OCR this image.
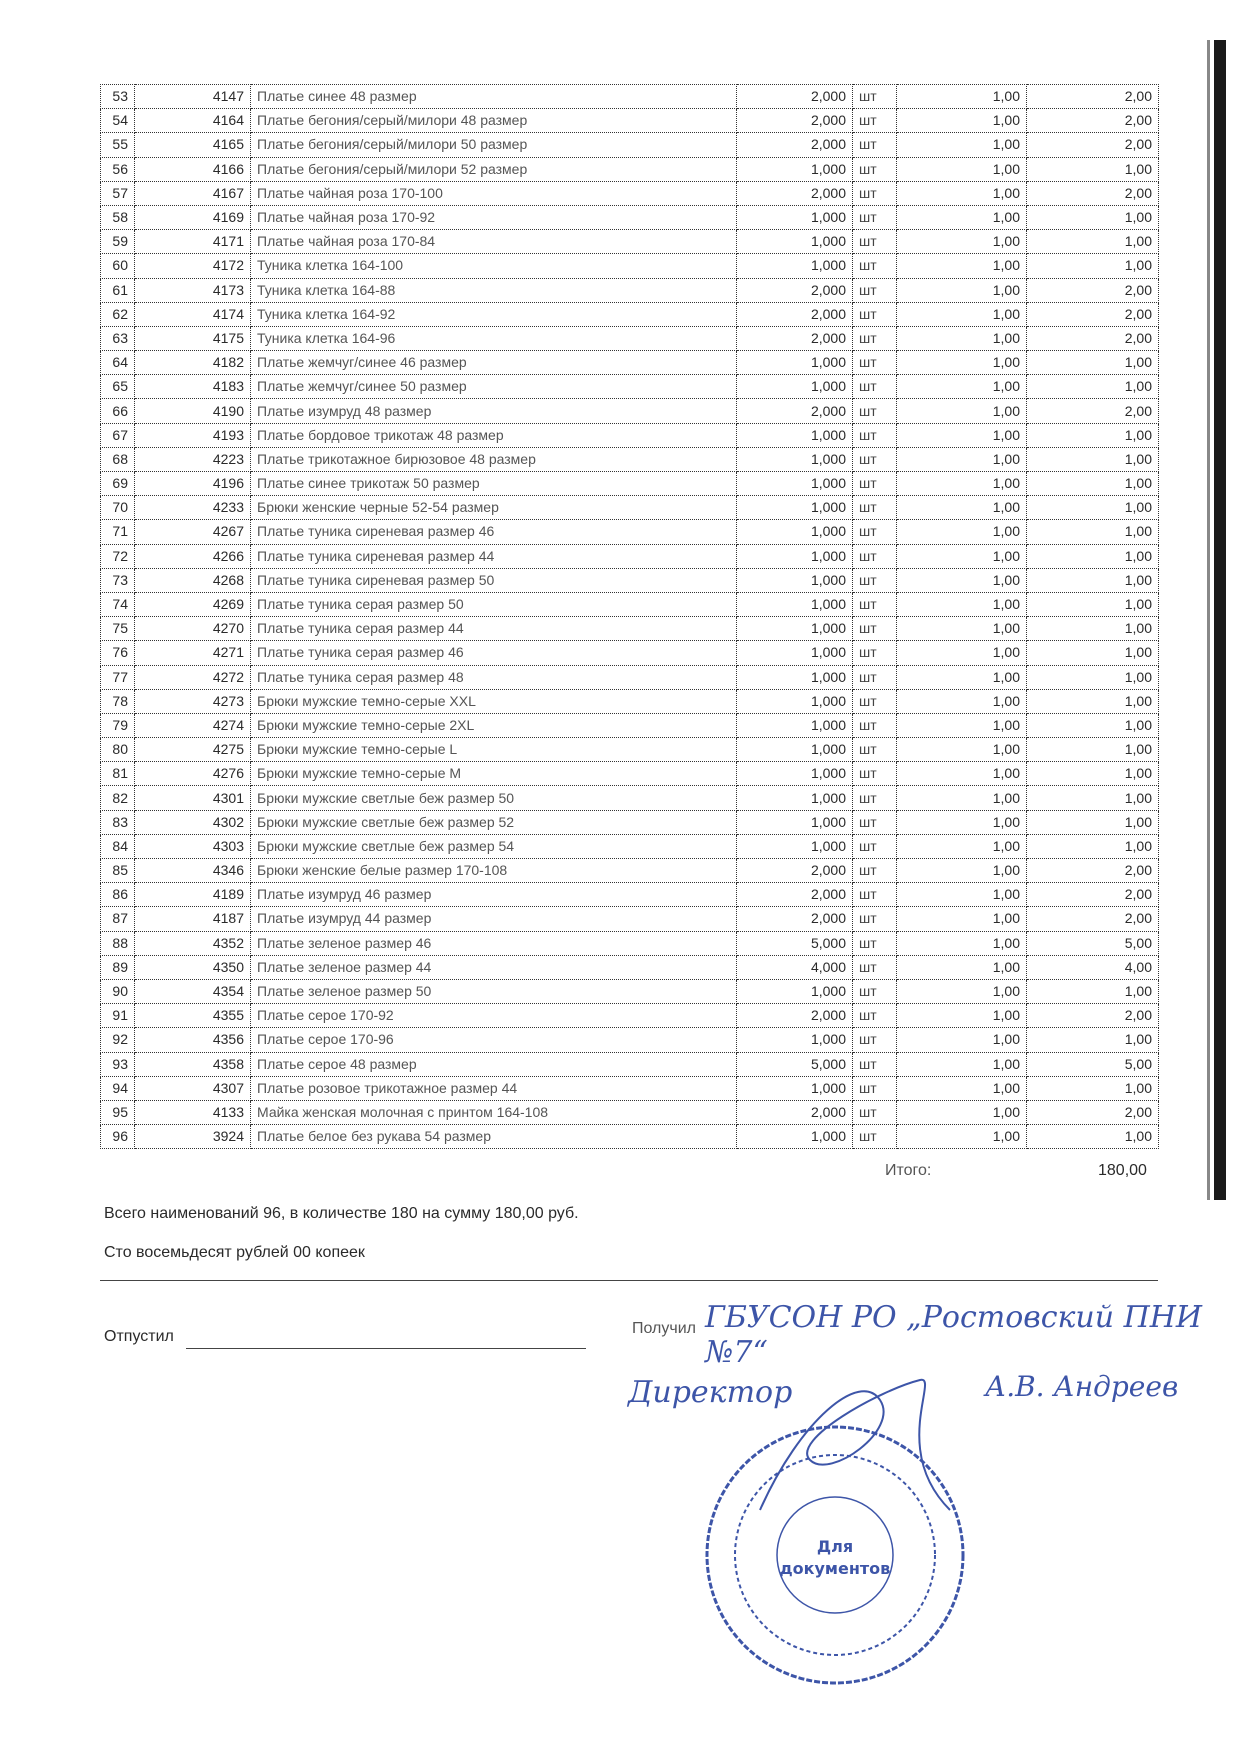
53	4147	Платье синее 48 размер	2,000	шт	1,00	2,00
54	4164	Платье бегония/серый/милори 48 размер	2,000	шт	1,00	2,00
55	4165	Платье бегония/серый/милори 50 размер	2,000	шт	1,00	2,00
56	4166	Платье бегония/серый/милори 52 размер	1,000	шт	1,00	1,00
57	4167	Платье чайная роза 170-100	2,000	шт	1,00	2,00
58	4169	Платье чайная роза 170-92	1,000	шт	1,00	1,00
59	4171	Платье чайная роза 170-84	1,000	шт	1,00	1,00
60	4172	Туника клетка 164-100	1,000	шт	1,00	1,00
61	4173	Туника клетка 164-88	2,000	шт	1,00	2,00
62	4174	Туника клетка 164-92	2,000	шт	1,00	2,00
63	4175	Туника клетка 164-96	2,000	шт	1,00	2,00
64	4182	Платье жемчуг/синее 46 размер	1,000	шт	1,00	1,00
65	4183	Платье жемчуг/синее 50 размер	1,000	шт	1,00	1,00
66	4190	Платье изумруд 48 размер	2,000	шт	1,00	2,00
67	4193	Платье бордовое трикотаж 48 размер	1,000	шт	1,00	1,00
68	4223	Платье трикотажное бирюзовое 48 размер	1,000	шт	1,00	1,00
69	4196	Платье синее трикотаж 50 размер	1,000	шт	1,00	1,00
70	4233	Брюки женские черные 52-54 размер	1,000	шт	1,00	1,00
71	4267	Платье туника сиреневая размер 46	1,000	шт	1,00	1,00
72	4266	Платье туника сиреневая размер 44	1,000	шт	1,00	1,00
73	4268	Платье туника сиреневая размер 50	1,000	шт	1,00	1,00
74	4269	Платье туника серая размер 50	1,000	шт	1,00	1,00
75	4270	Платье туника серая размер 44	1,000	шт	1,00	1,00
76	4271	Платье туника серая размер 46	1,000	шт	1,00	1,00
77	4272	Платье туника серая размер 48	1,000	шт	1,00	1,00
78	4273	Брюки мужские темно-серые XXL	1,000	шт	1,00	1,00
79	4274	Брюки мужские темно-серые 2XL	1,000	шт	1,00	1,00
80	4275	Брюки мужские темно-серые L	1,000	шт	1,00	1,00
81	4276	Брюки мужские темно-серые M	1,000	шт	1,00	1,00
82	4301	Брюки мужские светлые беж размер 50	1,000	шт	1,00	1,00
83	4302	Брюки мужские светлые беж размер 52	1,000	шт	1,00	1,00
84	4303	Брюки мужские светлые беж размер 54	1,000	шт	1,00	1,00
85	4346	Брюки женские белые размер 170-108	2,000	шт	1,00	2,00
86	4189	Платье изумруд 46 размер	2,000	шт	1,00	2,00
87	4187	Платье изумруд 44 размер	2,000	шт	1,00	2,00
88	4352	Платье зеленое размер 46	5,000	шт	1,00	5,00
89	4350	Платье зеленое размер 44	4,000	шт	1,00	4,00
90	4354	Платье зеленое размер 50	1,000	шт	1,00	1,00
91	4355	Платье серое 170-92	2,000	шт	1,00	2,00
92	4356	Платье серое 170-96	1,000	шт	1,00	1,00
93	4358	Платье серое 48 размер	5,000	шт	1,00	5,00
94	4307	Платье розовое трикотажное размер 44	1,000	шт	1,00	1,00
95	4133	Майка женская молочная с принтом 164-108	2,000	шт	1,00	2,00
96	3924	Платье белое без рукава 54 размер	1,000	шт	1,00	1,00
Итого:	180,00
Всего наименований 96, в количестве 180 на сумму 180,00 руб.
Сто восемьдесят рублей 00 копеек
Отпустил	Получил ГБУСОН РО „Ростовский ПНИ №7“
Директор	А.В. Андреев
Для
документов
